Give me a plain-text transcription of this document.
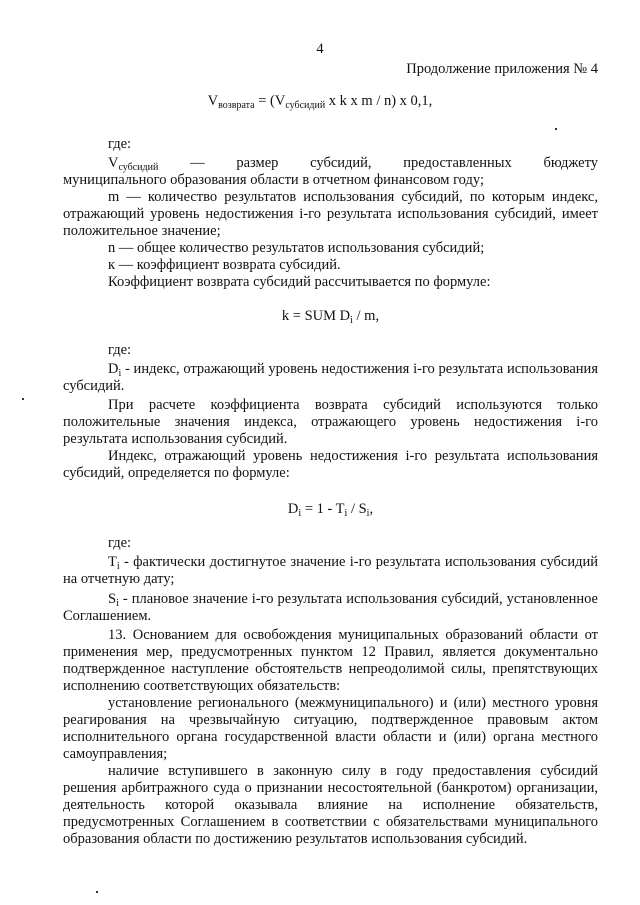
4
Продолжение приложения № 4
$V_{возврата} = (V_{субсидий}$ x k x m / n) x 0,1,

где:

$V_{субсидий}$ — размер субсидий, предоставленных бюджету

муниципального образования области в отчетном финансовом году;

m — количество результатов использования субсидий, по которым индекс, отражающий уровень недостижения i-го результата использования субсидий, имеет положительное значение;

n — общее количество результатов использования субсидий;

к — коэффициент возврата субсидий.

Коэффициент возврата субсидий рассчитывается по формуле:

k = SUM $D_i$ / m,

где:

$D_i$ - индекс, отражающий уровень недостижения i-го результата использования субсидий.

При расчете коэффициента возврата субсидий используются только положительные значения индекса, отражающего уровень недостижения i-го результата использования субсидий.

Индекс, отражающий уровень недостижения i-го результата использования субсидий, определяется по формуле:

$D_i = 1 - T_i / S_i$,

где:

$T_i$ - фактически достигнутое значение i-го результата использования субсидий на отчетную дату;

$S_i$ - плановое значение i-го результата использования субсидий, установленное Соглашением.

13. Основанием для освобождения муниципальных образований области от применения мер, предусмотренных пунктом 12 Правил, является документально подтвержденное наступление обстоятельств непреодолимой силы, препятствующих исполнению соответствующих обязательств:

установление регионального (межмуниципального) и (или) местного уровня реагирования на чрезвычайную ситуацию, подтвержденное правовым актом исполнительного органа государственной власти области и (или) органа местного самоуправления;

наличие вступившего в законную силу в году предоставления субсидий решения арбитражного суда о признании несостоятельной (банкротом) организации, деятельность которой оказывала влияние на исполнение обязательств, предусмотренных Соглашением в соответствии с обязательствами муниципального образования области по достижению результатов использования субсидий.
